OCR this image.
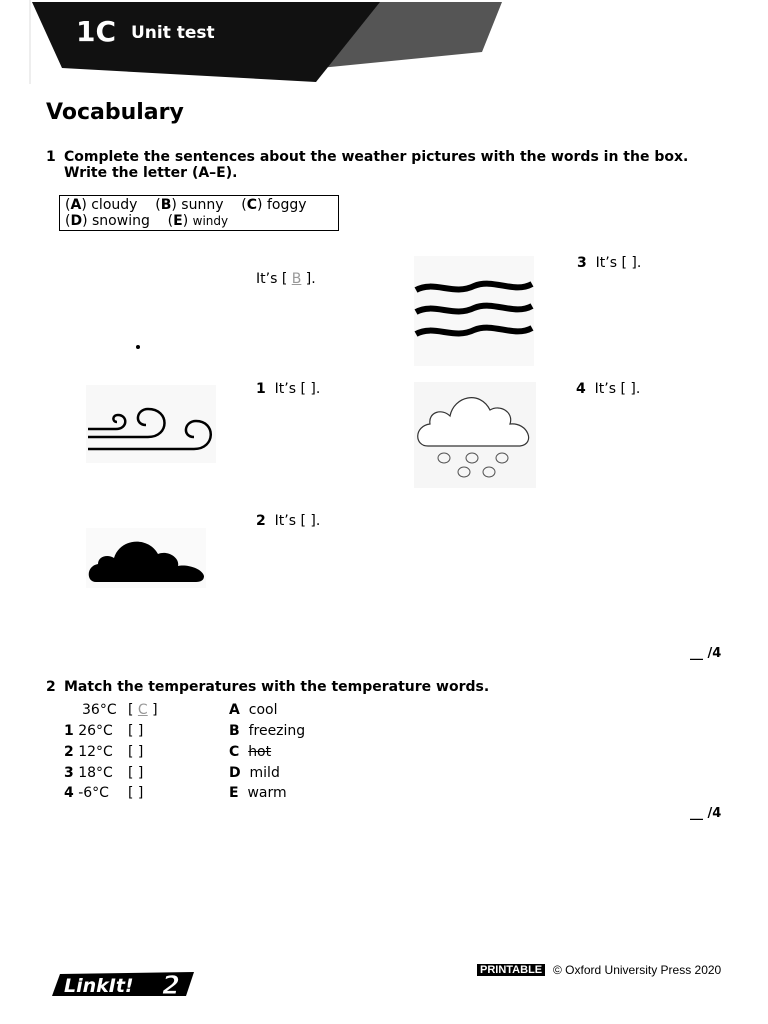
1C Unit test
Vocabulary
1 Complete the sentences about the weather pictures with the words in the box.
Write the letter (A–E).
(A) cloudy    (B) sunny    (C) foggy
(D) snowing    (E) windy
It’s [ B ].
1 It’s [ ].
2 It’s [ ].
3 It’s [ ].
4 It’s [ ].
__ /4
2 Match the temperatures with the temperature words.
36°C [ C ]
1 26°C [ ]
2 12°C [ ]
3 18°C [ ]
4 -6°C [ ]
A cool
B freezing
C hot
D mild
E warm
__ /4
LinkIt! 2
PRINTABLE © Oxford University Press 2020
